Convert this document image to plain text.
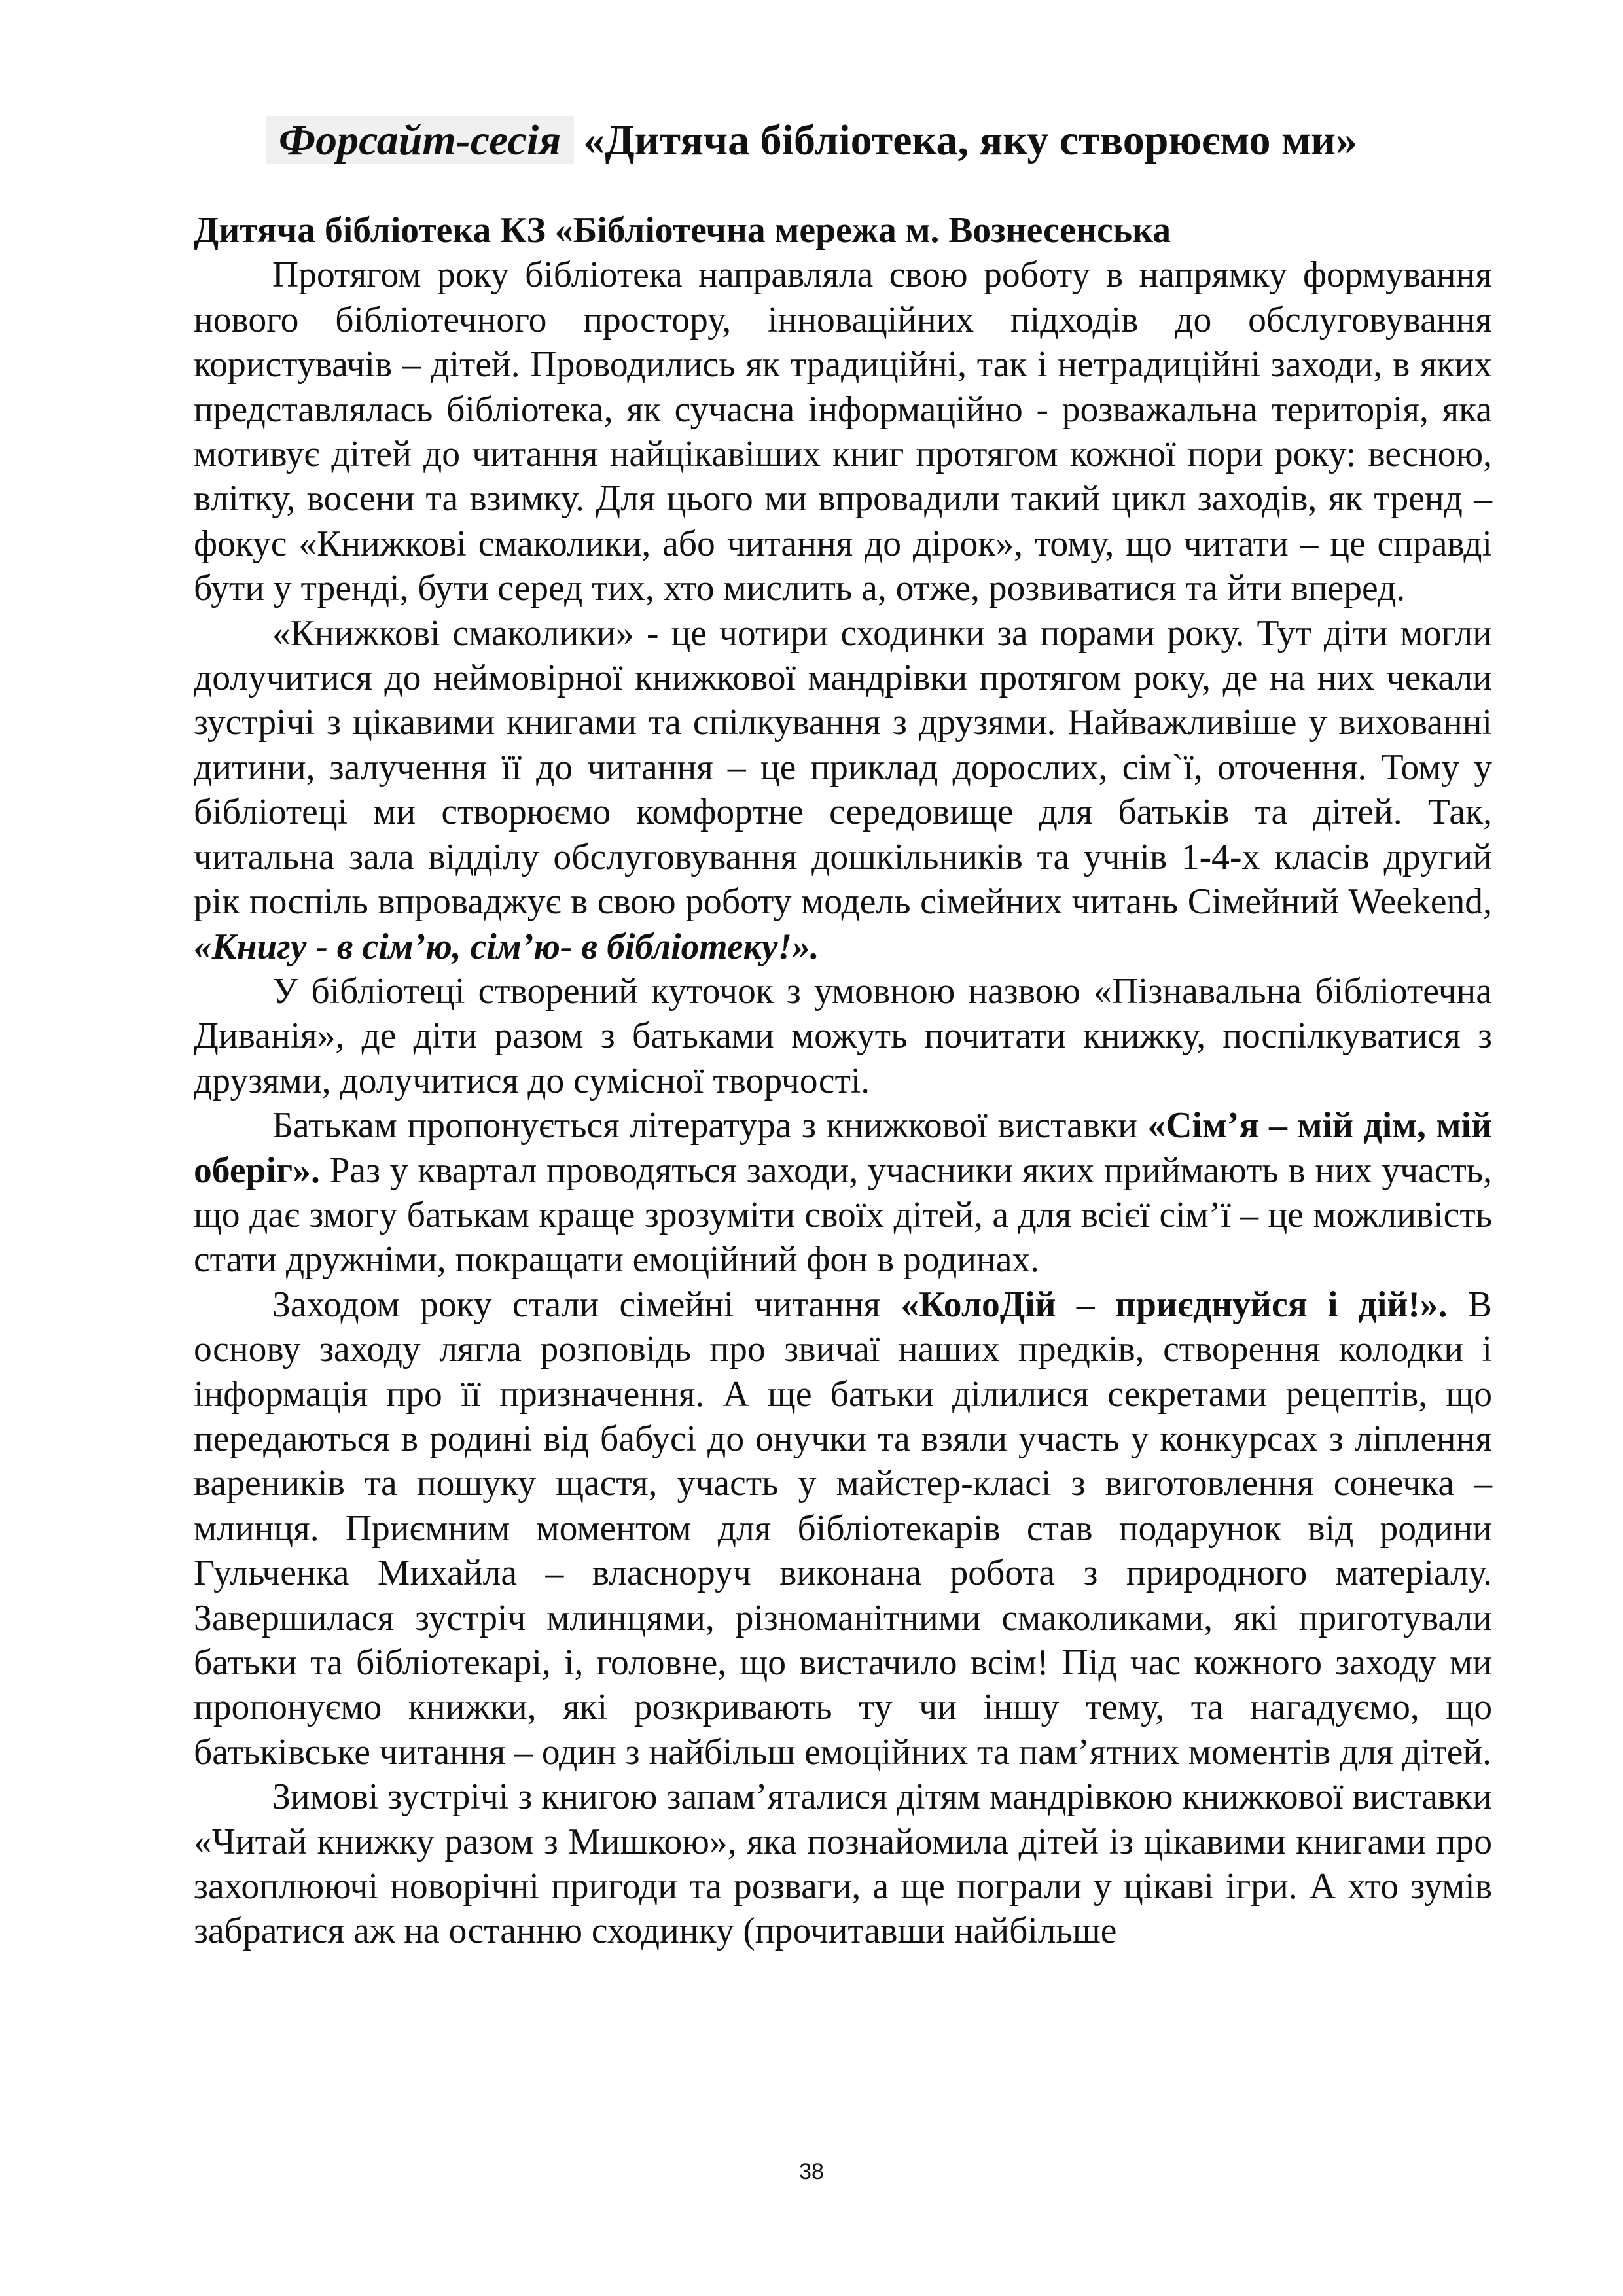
Форсайт-сесія «Дитяча бібліотека, яку створюємо ми»
Дитяча бібліотека КЗ «Бібліотечна мережа м. Вознесенська

Протягом року бібліотека направляла свою роботу в напрямку формування нового бібліотечного простору, інноваційних підходів до обслуговування користувачів – дітей. Проводились як традиційні, так і нетрадиційні заходи, в яких представлялась бібліотека, як сучасна інформаційно - розважальна територія, яка мотивує дітей до читання найцікавіших книг протягом кожної пори року: весною, влітку, восени та взимку. Для цього ми впровадили такий цикл заходів, як тренд – фокус «Книжкові смаколики, або читання до дірок», тому, що читати – це справді бути у тренді, бути серед тих, хто мислить а, отже, розвиватися та йти вперед.

«Книжкові смаколики» - це чотири сходинки за порами року. Тут діти могли долучитися до неймовірної книжкової мандрівки протягом року, де на них чекали зустрічі з цікавими книгами та спілкування з друзями. Найважливіше у вихованні дитини, залучення її до читання – це приклад дорослих, сім`ї, оточення. Тому у бібліотеці ми створюємо комфортне середовище для батьків та дітей. Так, читальна зала відділу обслуговування дошкільників та учнів 1-4-х класів другий рік поспіль впроваджує в свою роботу модель сімейних читань Сімейний Weekend, «Книгу - в сім’ю, сім’ю- в бібліотеку!».

У бібліотеці створений куточок з умовною назвою «Пізнавальна бібліотечна Диванія», де діти разом з батьками можуть почитати книжку, поспілкуватися з друзями, долучитися до сумісної творчості.

Батькам пропонується література з книжкової виставки «Сім’я – мій дім, мій оберіг». Раз у квартал проводяться заходи, учасники яких приймають в них участь, що дає змогу батькам краще зрозуміти своїх дітей, а для всієї сім’ї – це можливість стати дружніми, покращати емоційний фон в родинах.

Заходом року стали сімейні читання «КолоДій – приєднуйся і дій!». В основу заходу лягла розповідь про звичаї наших предків, створення колодки і інформація про її призначення. А ще батьки ділилися секретами рецептів, що передаються в родині від бабусі до онучки та взяли участь у конкурсах з ліплення вареників та пошуку щастя, участь у майстер-класі з виготовлення сонечка – млинця. Приємним моментом для бібліотекарів став подарунок від родини Гульченка Михайла – власноруч виконана робота з природного матеріалу. Завершилася зустріч млинцями, різноманітними смаколиками, які приготували батьки та бібліотекарі, і, головне, що вистачило всім! Під час кожного заходу ми пропонуємо книжки, які розкривають ту чи іншу тему, та нагадуємо, що батьківське читання – один з найбільш емоційних та пам’ятних моментів для дітей.

Зимові зустрічі з книгою запам’яталися дітям мандрівкою книжкової виставки «Читай книжку разом з Мишкою», яка познайомила дітей із цікавими книгами про захоплюючі новорічні пригоди та розваги, а ще пограли у цікаві ігри. А хто зумів забратися аж на останню сходинку (прочитавши найбільше

38
